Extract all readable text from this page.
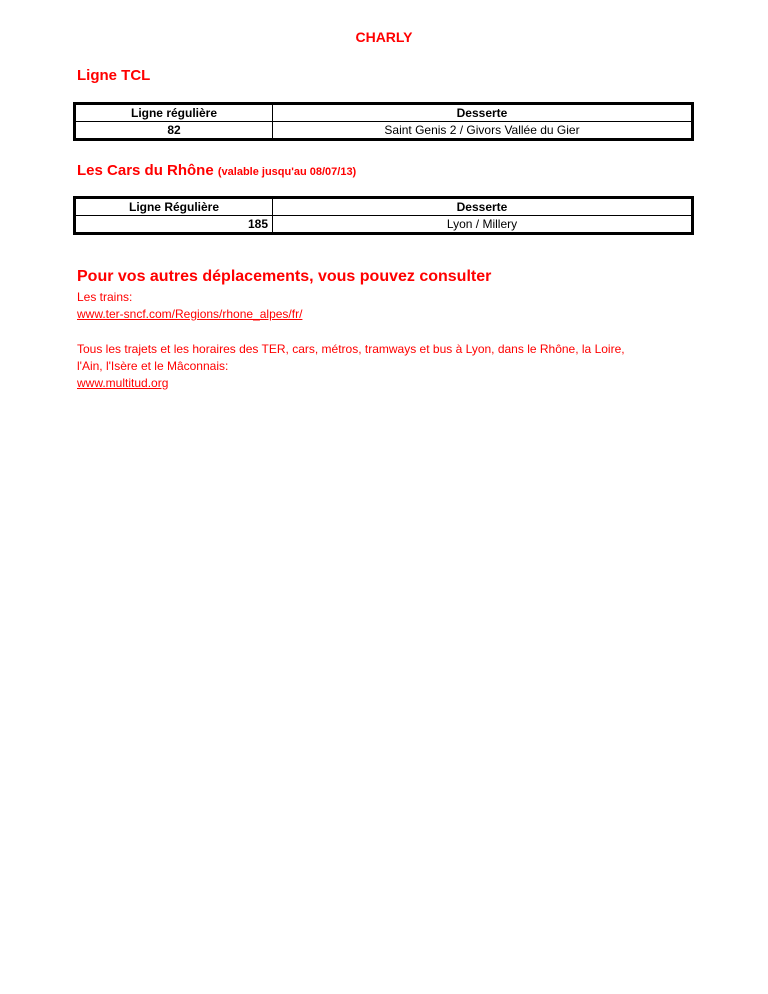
CHARLY
Ligne TCL
Ligne régulière	Desserte
82	Saint Genis 2 / Givors Vallée du Gier
Les Cars du Rhône (valable jusqu'au 08/07/13)
Ligne Régulière	Desserte
185	Lyon / Millery
Pour vos autres déplacements, vous pouvez consulter
Les trains:
www.ter-sncf.com/Regions/rhone_alpes/fr/
Tous les trajets et les horaires des TER, cars, métros, tramways et bus à Lyon, dans le Rhône, la Loire,
l'Ain, l'Isère et le Mâconnais:
www.multitud.org
